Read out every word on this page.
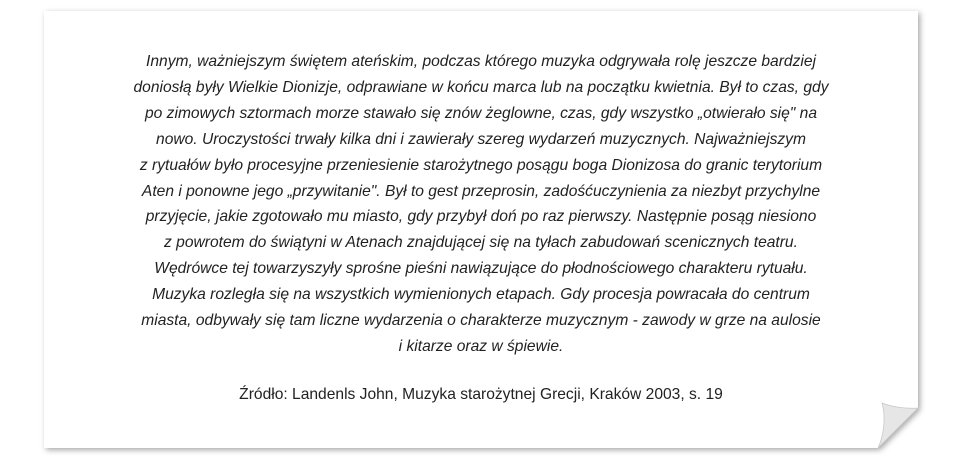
Innym, ważniejszym świętem ateńskim, podczas którego muzyka odgrywała rolę jeszcze bardziej
doniosłą były Wielkie Dionizje, odprawiane w końcu marca lub na początku kwietnia. Był to czas, gdy
po zimowych sztormach morze stawało się znów żeglowne, czas, gdy wszystko „otwierało się" na
nowo. Uroczystości trwały kilka dni i zawierały szereg wydarzeń muzycznych. Najważniejszym
z rytuałów było procesyjne przeniesienie starożytnego posągu boga Dionizosa do granic terytorium
Aten i ponowne jego „przywitanie". Był to gest przeprosin, zadośćuczynienia za niezbyt przychylne
przyjęcie, jakie zgotowało mu miasto, gdy przybył doń po raz pierwszy. Następnie posąg niesiono
z powrotem do świątyni w Atenach znajdującej się na tyłach zabudowań scenicznych teatru.
Wędrówce tej towarzyszyły sprośne pieśni nawiązujące do płodnościowego charakteru rytuału.
Muzyka rozległa się na wszystkich wymienionych etapach. Gdy procesja powracała do centrum
miasta, odbywały się tam liczne wydarzenia o charakterze muzycznym - zawody w grze na aulosie
i kitarze oraz w śpiewie.

Źródło: Landenls John, Muzyka starożytnej Grecji, Kraków 2003, s. 19
